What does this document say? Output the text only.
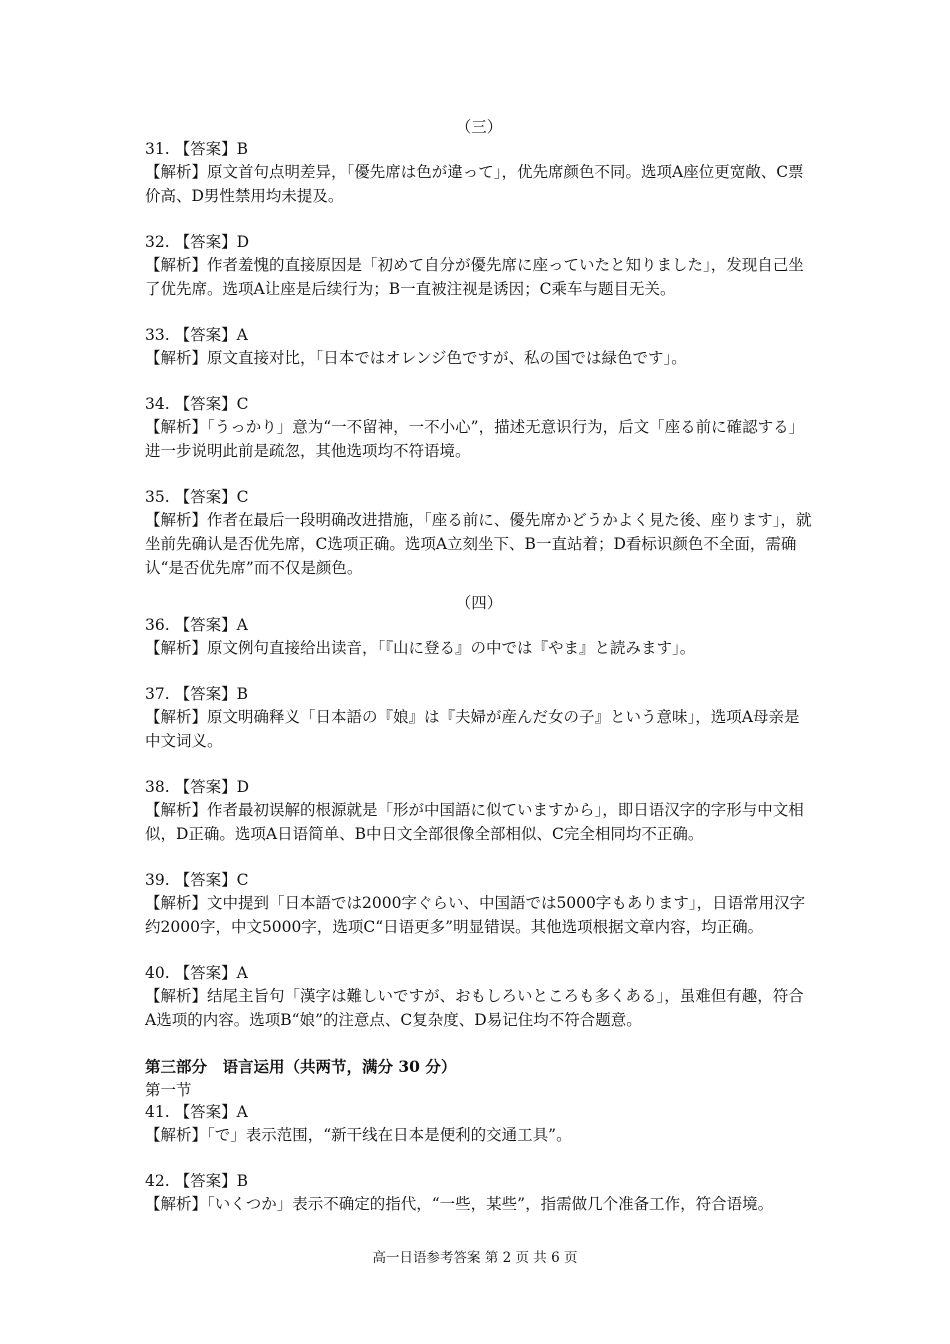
（三）

31. 【答案】B

【解析】原文首句点明差异，「優先席は色が違って」，优先席颜色不同。选项A座位更宽敞、C票价高、D男性禁用均未提及。

32. 【答案】D

【解析】作者羞愧的直接原因是「初めて自分が優先席に座っていたと知りました」，发现自己坐了优先席。选项A让座是后续行为；B一直被注视是诱因；C乘车与题目无关。

33. 【答案】A

【解析】原文直接对比，「日本ではオレンジ色ですが、私の国では緑色です」。

34. 【答案】C

【解析】「うっかり」意为“一不留神，一不小心”，描述无意识行为，后文「座る前に確認する」进一步说明此前是疏忽，其他选项均不符语境。

35. 【答案】C

【解析】作者在最后一段明确改进措施，「座る前に、優先席かどうかよく見た後、座ります」，就坐前先确认是否优先席，C选项正确。选项A立刻坐下、B一直站着；D看标识颜色不全面，需确认“是否优先席”而不仅是颜色。

（四）

36. 【答案】A

【解析】原文例句直接给出读音，「『山に登る』の中では『やま』と読みます」。

37. 【答案】B

【解析】原文明确释义「日本語の『娘』は『夫婦が産んだ女の子』という意味」，选项A母亲是中文词义。

38. 【答案】D

【解析】作者最初误解的根源就是「形が中国語に似ていますから」，即日语汉字的字形与中文相似，D正确。选项A日语简单、B中日文全部很像全部相似、C完全相同均不正确。

39. 【答案】C

【解析】文中提到「日本語では2000字ぐらい、中国語では5000字もあります」，日语常用汉字约2000字，中文5000字，选项C“日语更多”明显错误。其他选项根据文章内容，均正确。

40. 【答案】A

【解析】结尾主旨句「漢字は難しいですが、おもしろいところも多くある」，虽难但有趣，符合A选项的内容。选项B“娘”的注意点、C复杂度、D易记住均不符合题意。

第三部分　语言运用（共两节，满分 30 分）

第一节

41. 【答案】A

【解析】「で」表示范围，“新干线在日本是便利的交通工具”。

42. 【答案】B

【解析】「いくつか」表示不确定的指代，“一些，某些”，指需做几个准备工作，符合语境。

高一日语参考答案 第 2 页 共 6 页
